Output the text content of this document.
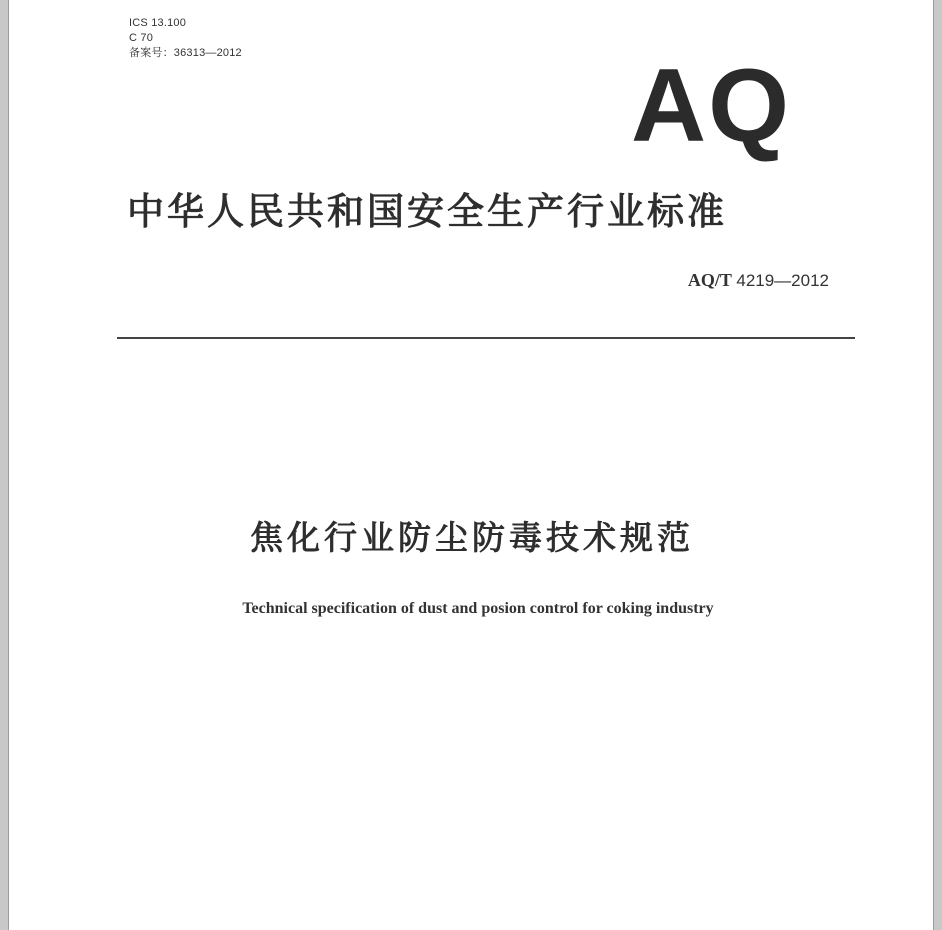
ICS 13.100
C 70
备案号：36313—2012	AQ
中华人民共和国安全生产行业标准
AQ/T 4219—2012
焦化行业防尘防毒技术规范
Technical specification of dust and posion control for coking industry
